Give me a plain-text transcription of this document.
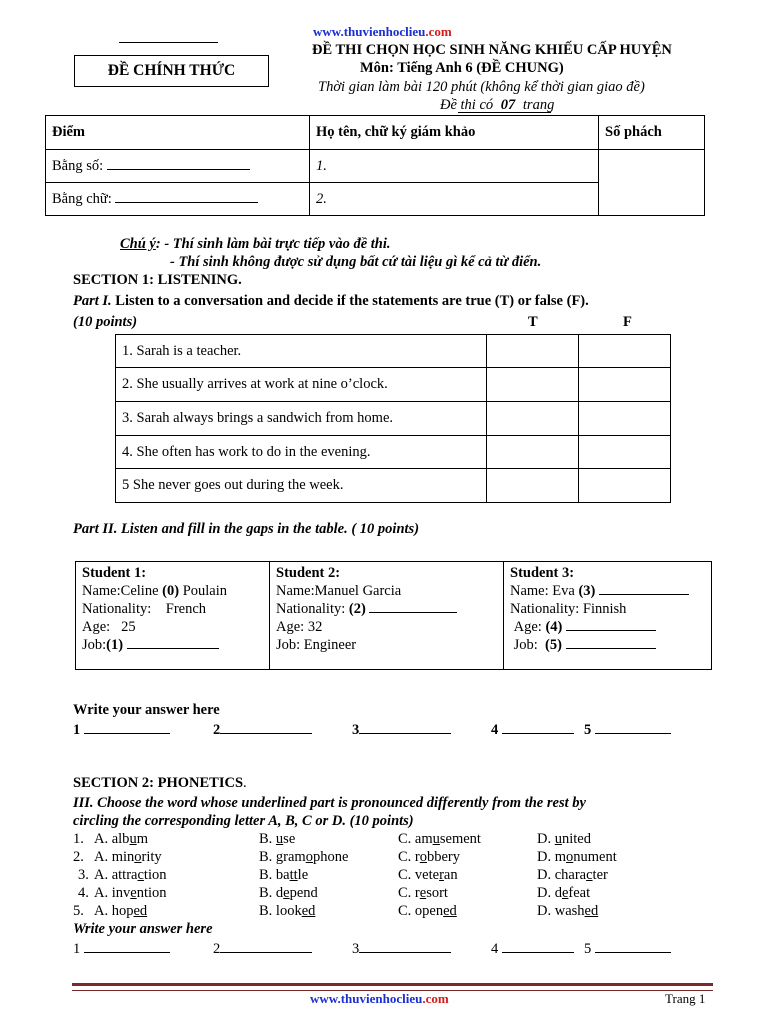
www.thuvienhoclieu.com
ĐỀ CHÍNH THỨC
ĐỀ THI CHỌN HỌC SINH NĂNG KHIẾU CẤP HUYỆN
Môn: Tiếng Anh 6 (ĐỀ CHUNG)
Thời gian làm bài 120 phút (không kể thời gian giao đề)
Đề thi có 07 trang
Điểm	Họ tên, chữ ký giám khảo	Số phách
Bằng số:	1.	
Bằng chữ:	2.	
Chú ý: - Thí sinh làm bài trực tiếp vào đề thi.
- Thí sinh không được sử dụng bất cứ tài liệu gì kể cả từ điển.
SECTION 1: LISTENING.
Part I. Listen to a conversation and decide if the statements are true (T) or false (F).
(10 points)	T	F
1. Sarah is a teacher.		
2. She usually arrives at work at nine o’clock.		
3. Sarah always brings a sandwich from home.		
4. She often has work to do in the evening.		
5 She never goes out during the week.		
Part II. Listen and fill in the gaps in the table. ( 10 points)
Student 1:
Name:Celine (0) Poulain
Nationality: French
Age: 25
Job:(1)

Student 2:
Name:Manuel Garcia
Nationality: (2)
Age: 32
Job: Engineer

Student 3:
Name: Eva (3)
Nationality: Finnish
Age: (4)
Job: (5)
Write your answer here
1	2	3	4	5
SECTION 2: PHONETICS.
III. Choose the word whose underlined part is pronounced differently from the rest by
circling the corresponding letter A, B, C or D. (10 points)
1. A. album	B. use	C. amusement	D. united
2. A. minority	B. gramophone	C. robbery	D. monument
3. A. attraction	B. battle	C. veteran	D. character
4. A. invention	B. depend	C. resort	D. defeat
5. A. hoped	B. looked	C. opened	D. washed
Write your answer here
1	2	3	4	5
www.thuvienhoclieu.com	Trang 1
